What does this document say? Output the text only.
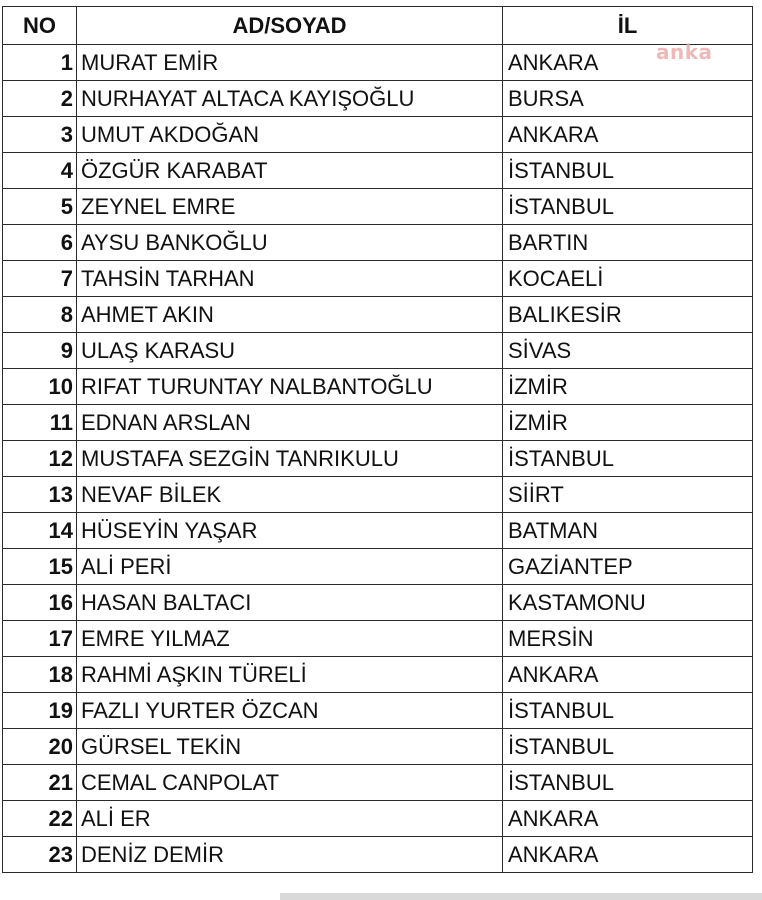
NO	AD/SOYAD	İL
1	MURAT EMİR	ANKARA
2	NURHAYAT ALTACA KAYIŞOĞLU	BURSA
3	UMUT AKDOĞAN	ANKARA
4	ÖZGÜR KARABAT	İSTANBUL
5	ZEYNEL EMRE	İSTANBUL
6	AYSU BANKOĞLU	BARTIN
7	TAHSİN TARHAN	KOCAELİ
8	AHMET AKIN	BALIKESİR
9	ULAŞ KARASU	SİVAS
10	RIFAT TURUNTAY NALBANTOĞLU	İZMİR
11	EDNAN ARSLAN	İZMİR
12	MUSTAFA SEZGİN TANRIKULU	İSTANBUL
13	NEVAF BİLEK	SİİRT
14	HÜSEYİN YAŞAR	BATMAN
15	ALİ PERİ	GAZİANTEP
16	HASAN BALTACI	KASTAMONU
17	EMRE YILMAZ	MERSİN
18	RAHMİ AŞKIN TÜRELİ	ANKARA
19	FAZLI YURTER ÖZCAN	İSTANBUL
20	GÜRSEL TEKİN	İSTANBUL
21	CEMAL CANPOLAT	İSTANBUL
22	ALİ ER	ANKARA
23	DENİZ DEMİR	ANKARA
anka
